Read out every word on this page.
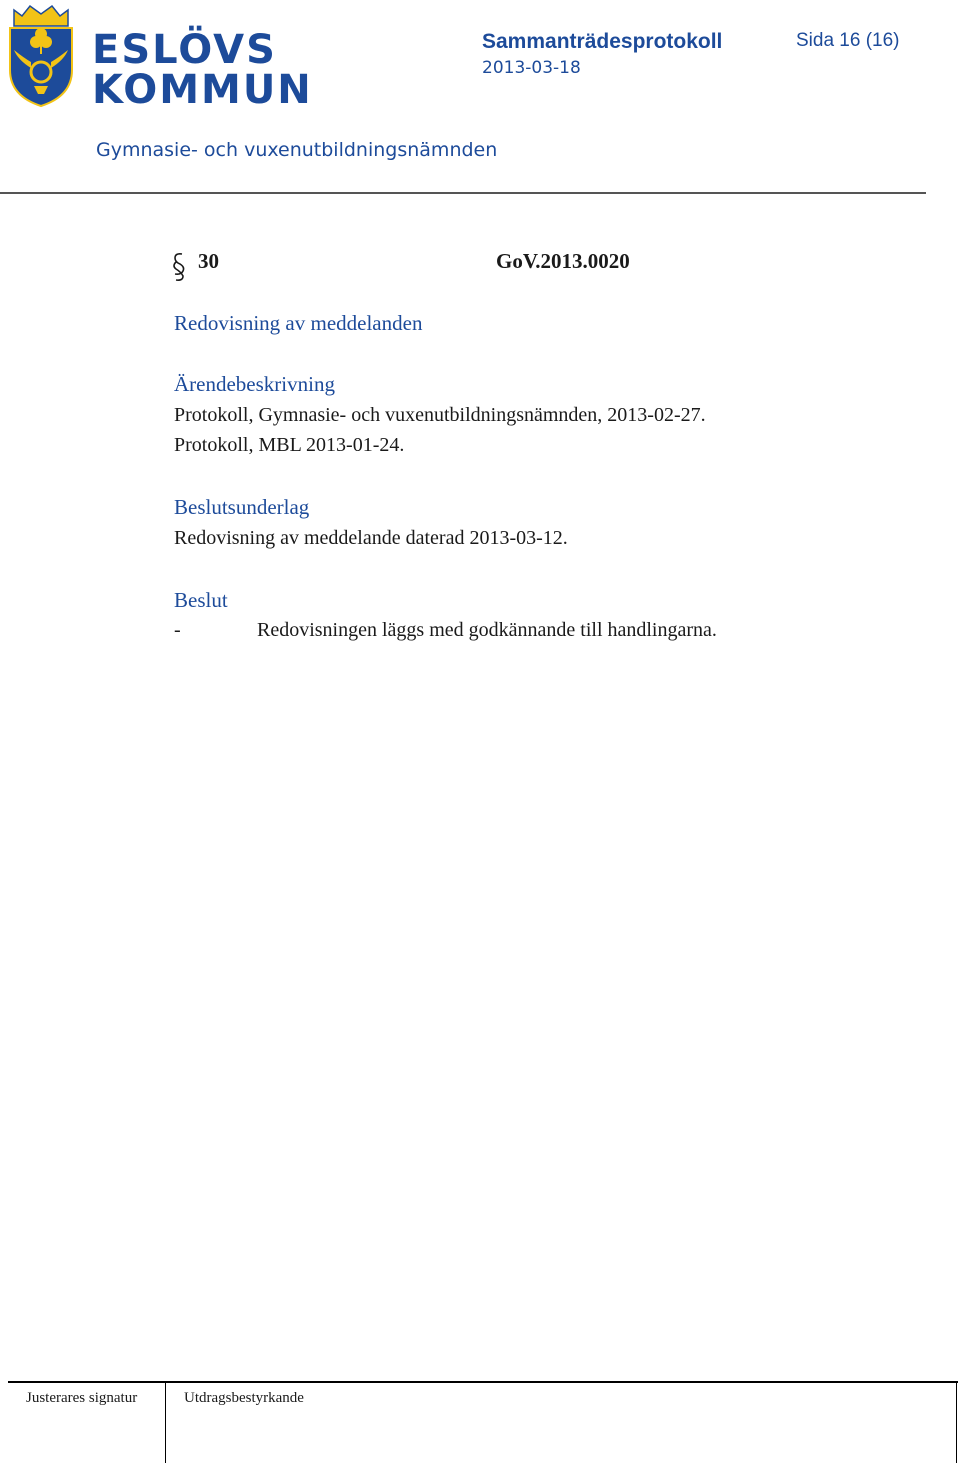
ESLÖVS
KOMMUN
Sammanträdesprotokoll	Sida 16 (16)
2013-03-18
Gymnasie- och vuxenutbildningsnämnden
30	GoV.2013.0020
Redovisning av meddelanden
Ärendebeskrivning
Protokoll, Gymnasie- och vuxenutbildningsnämnden, 2013-02-27.
Protokoll, MBL 2013-01-24.
Beslutsunderlag
Redovisning av meddelande daterad 2013-03-12.
Beslut
-	Redovisningen läggs med godkännande till handlingarna.
Justerares signatur	Utdragsbestyrkande
